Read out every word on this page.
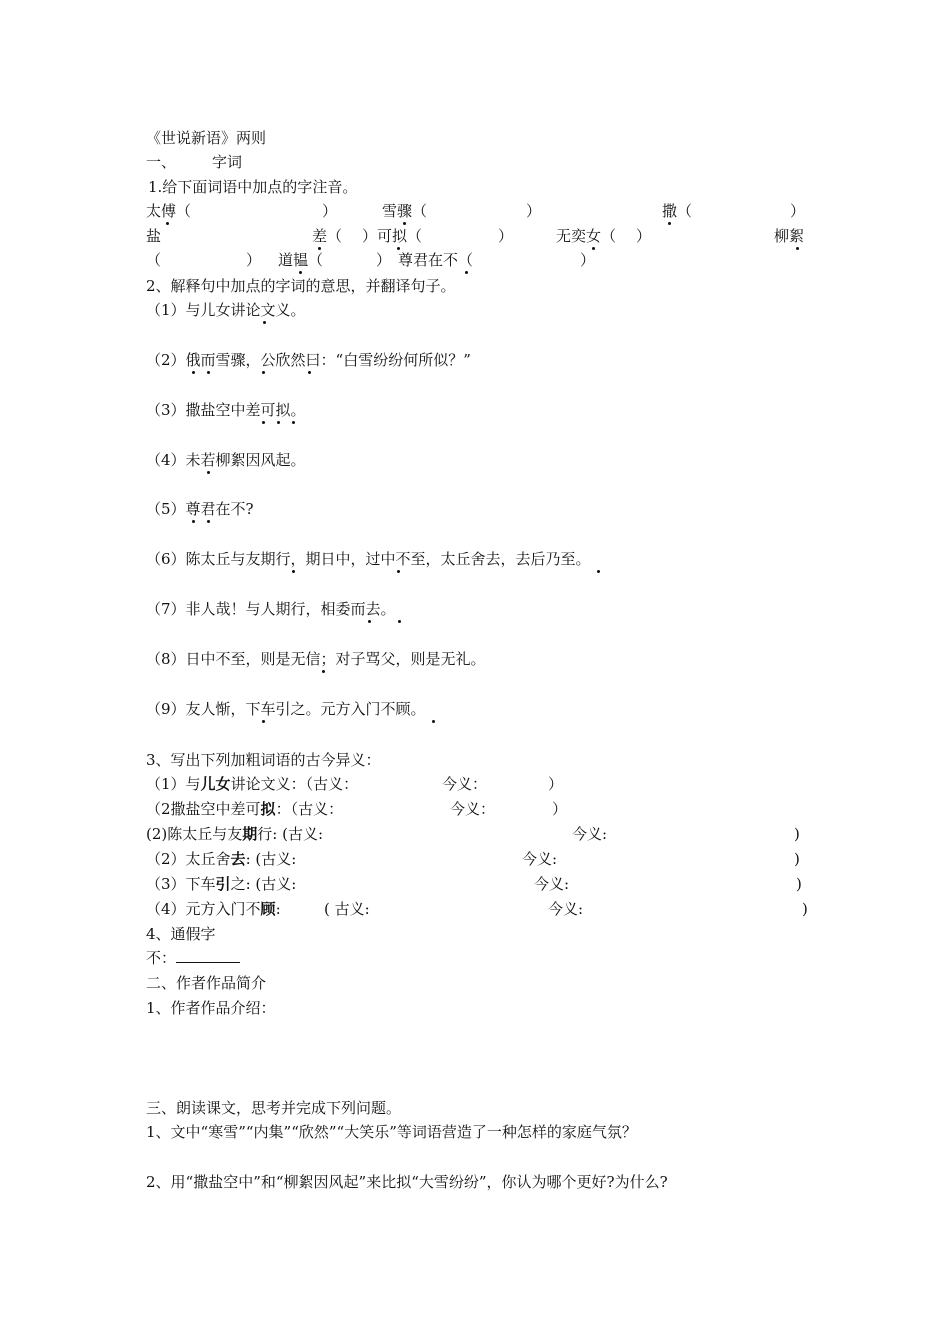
《世说新语》两则
一、 字词
1.给下面词语中加点的字注音。
太傅（	）	雪骤（	）	撒（	）
盐	差（ ）可拟（	）	无奕女（ ）	柳絮
（	） 道韫（	） 尊君在不（	）
2、解释句中加点的字词的意思，并翻译句子。
（1）与儿女讲论文义。
（2）俄而雪骤，公欣然曰：“白雪纷纷何所似？”
（3）撒盐空中差可拟。
（4）未若柳絮因风起。
（5）尊君在不?
（6）陈太丘与友期行，期日中，过中不至，太丘舍去，去后乃至。
（7）非人哉！与人期行，相委而去。
（8）日中不至，则是无信；对子骂父，则是无礼。
（9）友人惭，下车引之。元方入门不顾。
3、写出下列加粗词语的古今异义：
（1）与儿女讲论文义：（古义：	今义：	）
（2撒盐空中差可拟：（古义：	今义：	）
(2)陈太丘与友期行: (古义:	今义:	)
（2）太丘舍去: (古义:	今义:	)
（3）下车引之: (古义:	今义:	)
（4）元方入门不顾:	( 古义:	今义:	)
4、通假字
不：
二、作者作品简介
1、作者作品介绍：
三、朗读课文，思考并完成下列问题。
1、文中“寒雪”“内集”“欣然”“大笑乐”等词语营造了一种怎样的家庭气氛？
2、用“撒盐空中”和“柳絮因风起”来比拟“大雪纷纷”，你认为哪个更好?为什么?
